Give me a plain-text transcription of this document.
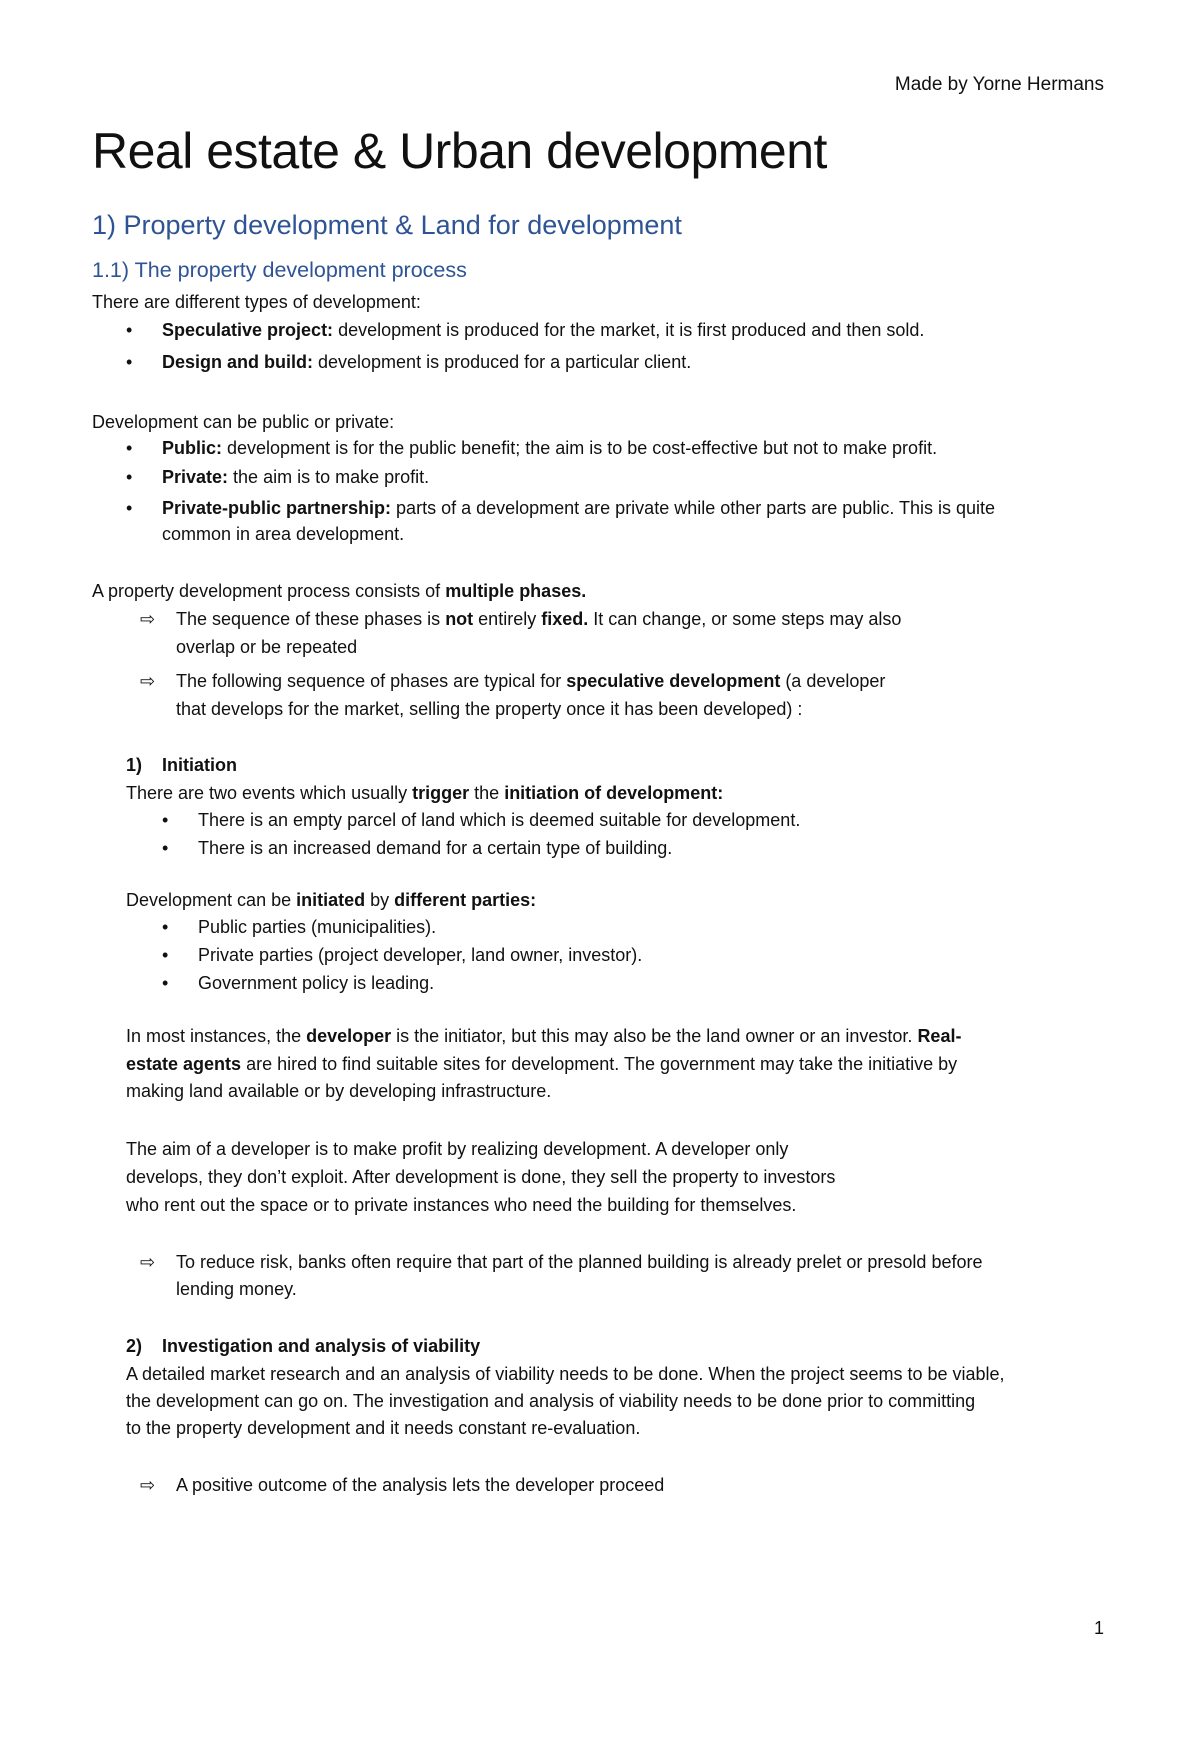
Made by Yorne Hermans
Real estate & Urban development
1) Property development & Land for development
1.1) The property development process
There are different types of development:
• Speculative project: development is produced for the market, it is first produced and then sold.
• Design and build: development is produced for a particular client.
Development can be public or private:
• Public: development is for the public benefit; the aim is to be cost-effective but not to make profit.
• Private: the aim is to make profit.
• Private-public partnership: parts of a development are private while other parts are public. This is quite
common in area development.
A property development process consists of multiple phases.
⇨ The sequence of these phases is not entirely fixed. It can change, or some steps may also
overlap or be repeated
⇨ The following sequence of phases are typical for speculative development (a developer
that develops for the market, selling the property once it has been developed) :
1)    Initiation
There are two events which usually trigger the initiation of development:
• There is an empty parcel of land which is deemed suitable for development.
• There is an increased demand for a certain type of building.
Development can be initiated by different parties:
• Public parties (municipalities).
• Private parties (project developer, land owner, investor).
• Government policy is leading.
In most instances, the developer is the initiator, but this may also be the land owner or an investor. Real-
estate agents are hired to find suitable sites for development. The government may take the initiative by
making land available or by developing infrastructure.
The aim of a developer is to make profit by realizing development. A developer only
develops, they don’t exploit. After development is done, they sell the property to investors
who rent out the space or to private instances who need the building for themselves.
⇨ To reduce risk, banks often require that part of the planned building is already prelet or presold before
lending money.
2)    Investigation and analysis of viability
A detailed market research and an analysis of viability needs to be done. When the project seems to be viable,
the development can go on. The investigation and analysis of viability needs to be done prior to committing
to the property development and it needs constant re-evaluation.
⇨ A positive outcome of the analysis lets the developer proceed
1
